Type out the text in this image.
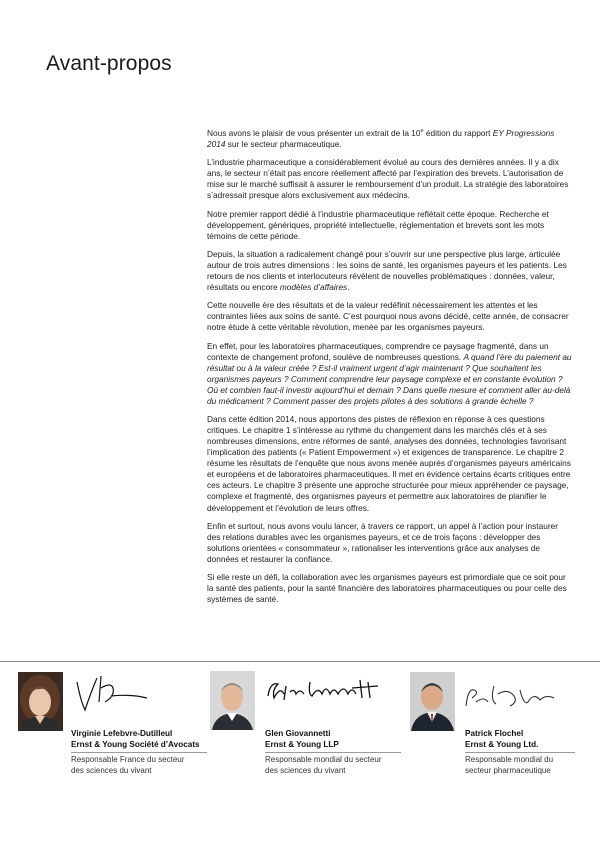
Avant-propos

Nous avons le plaisir de vous présenter un extrait de la 10e édition du rapport EY Progressions 2014 sur le secteur pharmaceutique.

L’industrie pharmaceutique a considérablement évolué au cours des dernières années. Il y a dix ans, le secteur n’était pas encore réellement affecté par l’expiration des brevets. L’autorisation de mise sur le marché suffisait à assurer le remboursement d’un produit. La stratégie des laboratoires s’adressait presque alors exclusivement aux médecins.

Notre premier rapport dédié à l’industrie pharmaceutique reflétait cette époque. Recherche et développement, génériques, propriété intellectuelle, réglementation et brevets sont les mots témoins de cette période.

Depuis, la situation a radicalement changé pour s’ouvrir sur une perspective plus large, articulée autour de trois autres dimensions : les soins de santé, les organismes payeurs et les patients. Les retours de nos clients et interlocuteurs révèlent de nouvelles problématiques : données, valeur, résultats ou encore modèles d’affaires.

Cette nouvelle ère des résultats et de la valeur redéfinit nécessairement les attentes et les contraintes liées aux soins de santé. C’est pourquoi nous avons décidé, cette année, de consacrer notre étude à cette véritable révolution, menée par les organismes payeurs.

En effet, pour les laboratoires pharmaceutiques, comprendre ce paysage fragmenté, dans un contexte de changement profond, soulève de nombreuses questions. A quand l’ère du paiement au résultat ou à la valeur créée ? Est-il vraiment urgent d’agir maintenant ? Que souhaitent les organismes payeurs ? Comment comprendre leur paysage complexe et en constante évolution ? Où et combien faut-il investir aujourd’hui et demain ? Dans quelle mesure et comment aller au-delà du médicament ? Comment passer des projets pilotes à des solutions à grande échelle ?

Dans cette édition 2014, nous apportons des pistes de réflexion en réponse à ces questions critiques. Le chapitre 1 s’intéresse au rythme du changement dans les marchés clés et à ses nombreuses dimensions, entre réformes de santé, analyses des données, technologies favorisant l’implication des patients (« Patient Empowerment ») et exigences de transparence. Le chapitre 2 résume les résultats de l’enquête que nous avons menée auprès d’organismes payeurs américains et européens et de laboratoires pharmaceutiques. Il met en évidence certains écarts critiques entre ces acteurs. Le chapitre 3 présente une approche structurée pour mieux appréhender ce paysage, complexe et fragmenté, des organismes payeurs et permettre aux laboratoires de planifier le développement et l’évolution de leurs offres.

Enfin et surtout, nous avons voulu lancer, à travers ce rapport, un appel à l’action pour instaurer des relations durables avec les organismes payeurs, et ce de trois façons : développer des solutions orientées « consommateur », rationaliser les interventions grâce aux analyses de données et restaurer la confiance.

Si elle reste un défi, la collaboration avec les organismes payeurs est primordiale que ce soit pour la santé des patients, pour la santé financière des laboratoires pharmaceutiques ou pour celle des systèmes de santé.

Virginie Lefebvre-Dutilleul
Ernst & Young Société d’Avocats
Responsable France du secteur
des sciences du vivant
Glen Giovannetti
Ernst & Young LLP
Responsable mondial du secteur
des sciences du vivant
Patrick Flochel
Ernst & Young Ltd.
Responsable mondial du
secteur pharmaceutique
